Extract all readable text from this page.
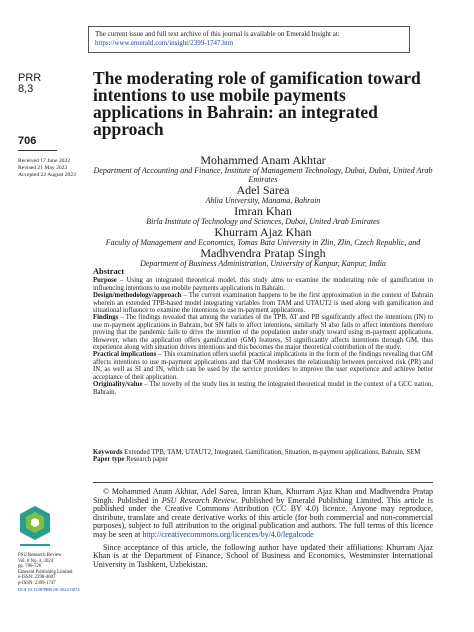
The current issue and full text archive of this journal is available on Emerald Insight at:
https://www.emerald.com/insight/2399-1747.htm
PRR
8,3
The moderating role of gamification toward intentions to use mobile payments applications in Bahrain: an integrated approach
706
Received 17 June 2022
Revised 21 May 2023
Accepted 22 August 2023
Mohammed Anam Akhtar
Department of Accounting and Finance, Institute of Management Technology, Dubai, Dubai, United Arab Emirates
Adel Sarea
Ahlia University, Manama, Bahrain
Imran Khan
Birla Institute of Technology and Sciences, Dubai, United Arab Emirates
Khurram Ajaz Khan
Faculty of Management and Economics, Tomas Bata University in Zlin, Zlin, Czech Republic, and
Madhvendra Pratap Singh
Department of Business Administration, University of Kanpur, Kanpur, India
Abstract
Purpose – Using an integrated theoretical model, this study aims to examine the moderating role of gamification in influencing intentions to use mobile payments applications in Bahrain.
Design/methodology/approach – The current examination happens to be the first approximation in the context of Bahrain wherein an extended TPB-based model integrating variables from TAM and UTAUT2 is used along with gamification and situational influence to examine the intentions to use m-payment applications.
Findings – The findings revealed that among the variaties of the TPB, AT and PB significantly affect the intentions (IN) to use m-payment applications in Bahrain, but SN fails to affect intentions, similarly SI also fails to affect intentions therefore proving that the pandemic fails to drive the intention of the population under study toward using m-payment applications. However, when the application offers gamification (GM) features, SI significantly affects intentions through GM, thus experience along with situation drives intentions and this becomes the major theoretical contribution of the study.
Practical implications – This examination offers useful practical implications in the form of the findings revealing that GM affects intentions to use m-payment applications and that GM moderates the relationship between perceived risk (PR) and IN, as well as SI and IN, which can be used by the service providers to improve the user experience and achieve better acceptance of their application.
Originality/value – The novelty of the study lies in testing the integrated theoretical model in the context of a GCC nation, Bahrain.
Keywords Extended TPB, TAM, UTAUT2, Integrated, Gamification, Situation, m-payment applications, Bahrain, SEM
Paper type Research paper

© Mohammed Anam Akhtar, Adel Sarea, Imran Khan, Khurram Ajaz Khan and Madhvendra Pratap Singh. Published in PSU Research Review. Published by Emerald Publishing Limited. This article is published under the Creative Commons Attribution (CC BY 4.0) licence. Anyone may reproduce, distribute, translate and create derivative works of this article (for both commercial and non-commercial purposes), subject to full attribution to the original publication and authors. The full terms of this licence may be seen at http://creativecommons.org/licences/by/4.0/legalcode

Since acceptance of this article, the following author have updated their affiliations: Khurram Ajaz Khan is at the Department of Finance, School of Business and Economics, Westminster International University in Tashkent, Uzbekistan.

PSU Research Review
Vol. 8 No. 3, 2024
pp. 706-726
Emerald Publishing Limited
e-ISSN: 2398-4007
p-ISSN: 2399-1747
DOI 10.1108/PRR-06-2022-0074
